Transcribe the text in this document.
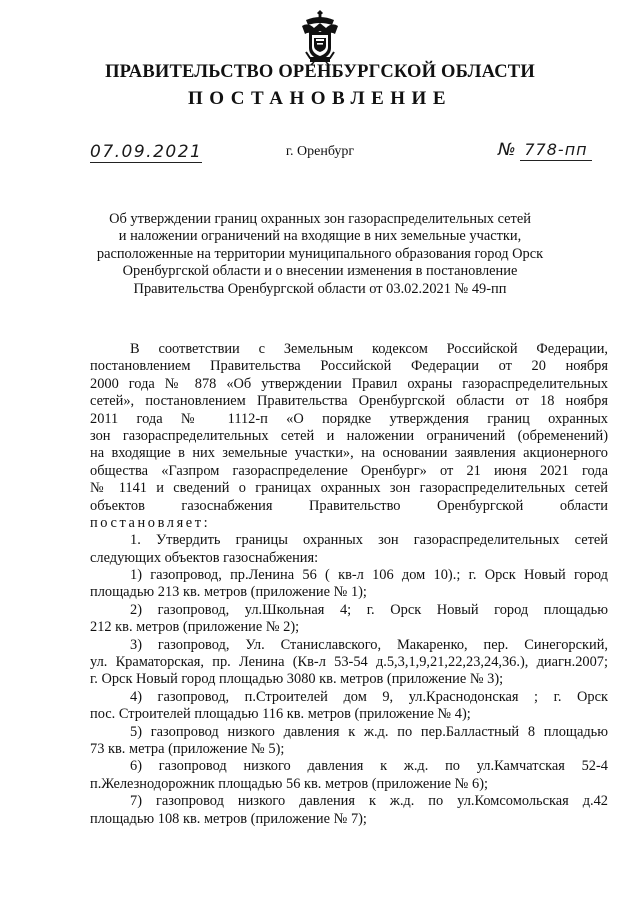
ПРАВИТЕЛЬСТВО ОРЕНБУРГСКОЙ ОБЛАСТИ
ПОСТАНОВЛЕНИЕ
07.09.2021	г. Оренбург	№ 778-пп
Об утверждении границ охранных зон газораспределительных сетей
и наложении ограничений на входящие в них земельные участки,
расположенные на территории муниципального образования город Орск
Оренбургской области и о внесении изменения в постановление
Правительства Оренбургской области от 03.02.2021 № 49-пп
В соответствии с Земельным кодексом Российской Федерации,
постановлением Правительства Российской Федерации от 20 ноября
2000 года № 878 «Об утверждении Правил охраны газораспределительных
сетей», постановлением Правительства Оренбургской области от 18 ноября
2011 года № 1112-п «О порядке утверждения границ охранных
зон газораспределительных сетей и наложении ограничений (обременений)
на входящие в них земельные участки», на основании заявления акционерного
общества «Газпром газораспределение Оренбург» от 21 июня 2021 года
№ 1141 и сведений о границах охранных зон газораспределительных сетей
объектов газоснабжения Правительство Оренбургской области
постановляет:
1. Утвердить границы охранных зон газораспределительных сетей
следующих объектов газоснабжения:
1) газопровод, пр.Ленина 56 ( кв-л 106 дом 10).; г. Орск Новый город
площадью 213 кв. метров (приложение № 1);
2) газопровод, ул.Школьная 4; г. Орск Новый город площадью
212 кв. метров (приложение № 2);
3) газопровод, Ул. Станиславского, Макаренко, пер. Синегорский,
ул. Краматорская, пр. Ленина (Кв-л 53-54 д.5,3,1,9,21,22,23,24,36.), диагн.2007;
г. Орск Новый город площадью 3080 кв. метров (приложение № 3);
4) газопровод, п.Строителей дом 9, ул.Краснодонская ; г. Орск
пос. Строителей площадью 116 кв. метров (приложение № 4);
5) газопровод низкого давления к ж.д. по пер.Балластный 8 площадью
73 кв. метра (приложение № 5);
6) газопровод низкого давления к ж.д. по ул.Камчатская 52-4
п.Железнодорожник площадью 56 кв. метров (приложение № 6);
7) газопровод низкого давления к ж.д. по ул.Комсомольская д.42
площадью 108 кв. метров (приложение № 7);
